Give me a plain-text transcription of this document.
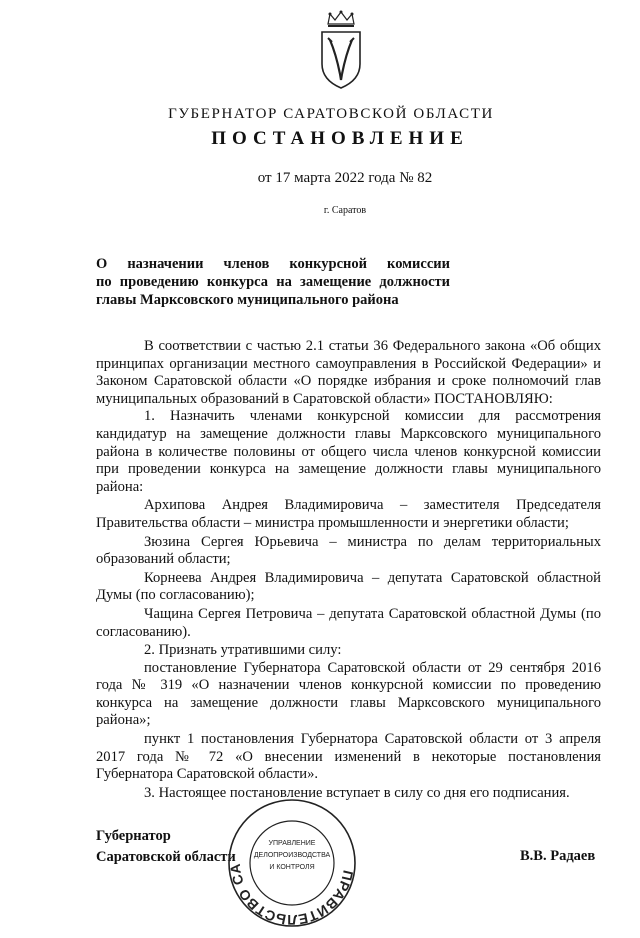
ГУБЕРНАТОР САРАТОВСКОЙ ОБЛАСТИ
ПОСТАНОВЛЕНИЕ
от 17 марта 2022 года № 82
г. Саратов
О назначении членов конкурсной комиссии
по проведению конкурса на замещение должности
главы Марксовского муниципального района

В соответствии с частью 2.1 статьи 36 Федерального закона «Об общих принципах организации местного самоуправления в Российской Федерации» и Законом Саратовской области «О порядке избрания и сроке полномочий глав муниципальных образований в Саратовской области» ПОСТАНОВЛЯЮ:

1. Назначить членами конкурсной комиссии для рассмотрения кандидатур на замещение должности главы Марксовского муниципального района в количестве половины от общего числа членов конкурсной комиссии при проведении конкурса на замещение должности главы муниципального района:

Архипова Андрея Владимировича – заместителя Председателя Правительства области – министра промышленности и энергетики области;

Зюзина Сергея Юрьевича – министра по делам территориальных образований области;

Корнеева Андрея Владимировича – депутата Саратовской областной Думы (по согласованию);

Чащина Сергея Петровича – депутата Саратовской областной Думы (по согласованию).

2. Признать утратившими силу:

постановление Губернатора Саратовской области от 29 сентября 2016 года № 319 «О назначении членов конкурсной комиссии по проведению конкурса на замещение должности главы Марксовского муниципального района»;

пункт 1 постановления Губернатора Саратовской области от 3 апреля 2017 года № 72 «О внесении изменений в некоторые постановления Губернатора Саратовской области».

3. Настоящее постановление вступает в силу со дня его подписания.

Губернатор
Саратовской области	В.В. Радаев
ПРАВИТЕЛЬСТВО СА
УПРАВЛЕНИЕ
ДЕЛОПРОИЗВОДСТВА
И КОНТРОЛЯ
